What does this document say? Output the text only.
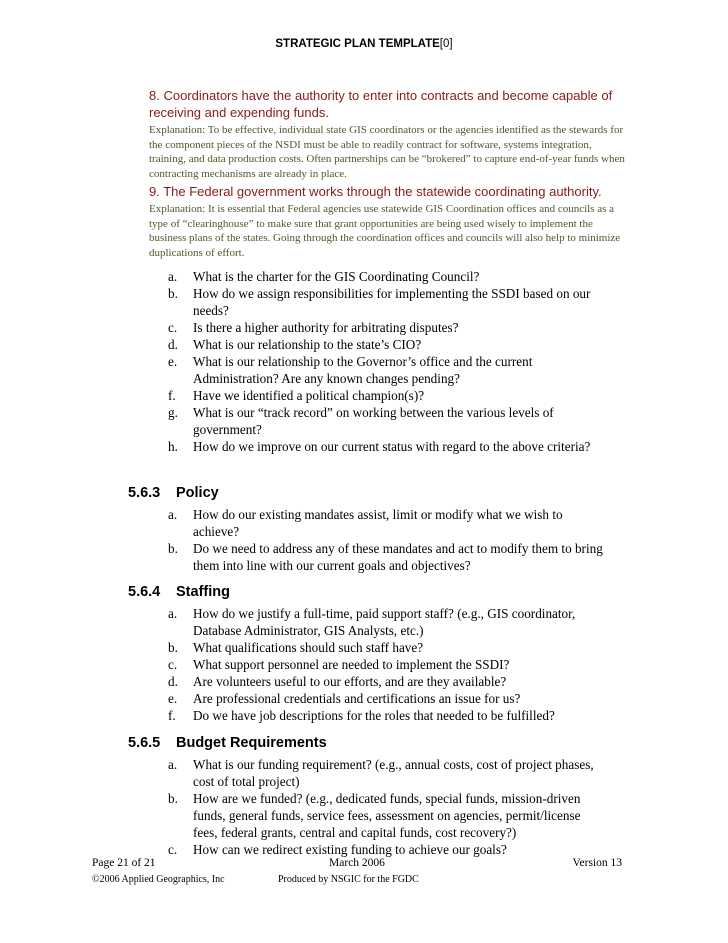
STRATEGIC PLAN TEMPLATE[0]
8. Coordinators have the authority to enter into contracts and become capable of receiving and expending funds.
Explanation: To be effective, individual state GIS coordinators or the agencies identified as the stewards for the component pieces of the NSDI must be able to readily contract for software, systems integration, training, and data production costs. Often partnerships can be “brokered” to capture end-of-year funds when contracting mechanisms are already in place.
9. The Federal government works through the statewide coordinating authority.
Explanation: It is essential that Federal agencies use statewide GIS Coordination offices and councils as a type of “clearinghouse” to make sure that grant opportunities are being used wisely to implement the business plans of the states. Going through the coordination offices and councils will also help to minimize duplications of effort.
a. What is the charter for the GIS Coordinating Council?
b. How do we assign responsibilities for implementing the SSDI based on our needs?
c. Is there a higher authority for arbitrating disputes?
d. What is our relationship to the state’s CIO?
e. What is our relationship to the Governor’s office and the current Administration? Are any known changes pending?
f. Have we identified a political champion(s)?
g. What is our “track record” on working between the various levels of government?
h. How do we improve on our current status with regard to the above criteria?
5.6.3 Policy
a. How do our existing mandates assist, limit or modify what we wish to achieve?
b. Do we need to address any of these mandates and act to modify them to bring them into line with our current goals and objectives?
5.6.4 Staffing
a. How do we justify a full-time, paid support staff? (e.g., GIS coordinator, Database Administrator, GIS Analysts, etc.)
b. What qualifications should such staff have?
c. What support personnel are needed to implement the SSDI?
d. Are volunteers useful to our efforts, and are they available?
e. Are professional credentials and certifications an issue for us?
f. Do we have job descriptions for the roles that needed to be fulfilled?
5.6.5 Budget Requirements
a. What is our funding requirement? (e.g., annual costs, cost of project phases, cost of total project)
b. How are we funded? (e.g., dedicated funds, special funds, mission-driven funds, general funds, service fees, assessment on agencies, permit/license fees, federal grants, central and capital funds, cost recovery?)
c. How can we redirect existing funding to achieve our goals?
Page 21 of 21	March 2006	Version 13
©2006 Applied Geographics, Inc	Produced by NSGIC for the FGDC
